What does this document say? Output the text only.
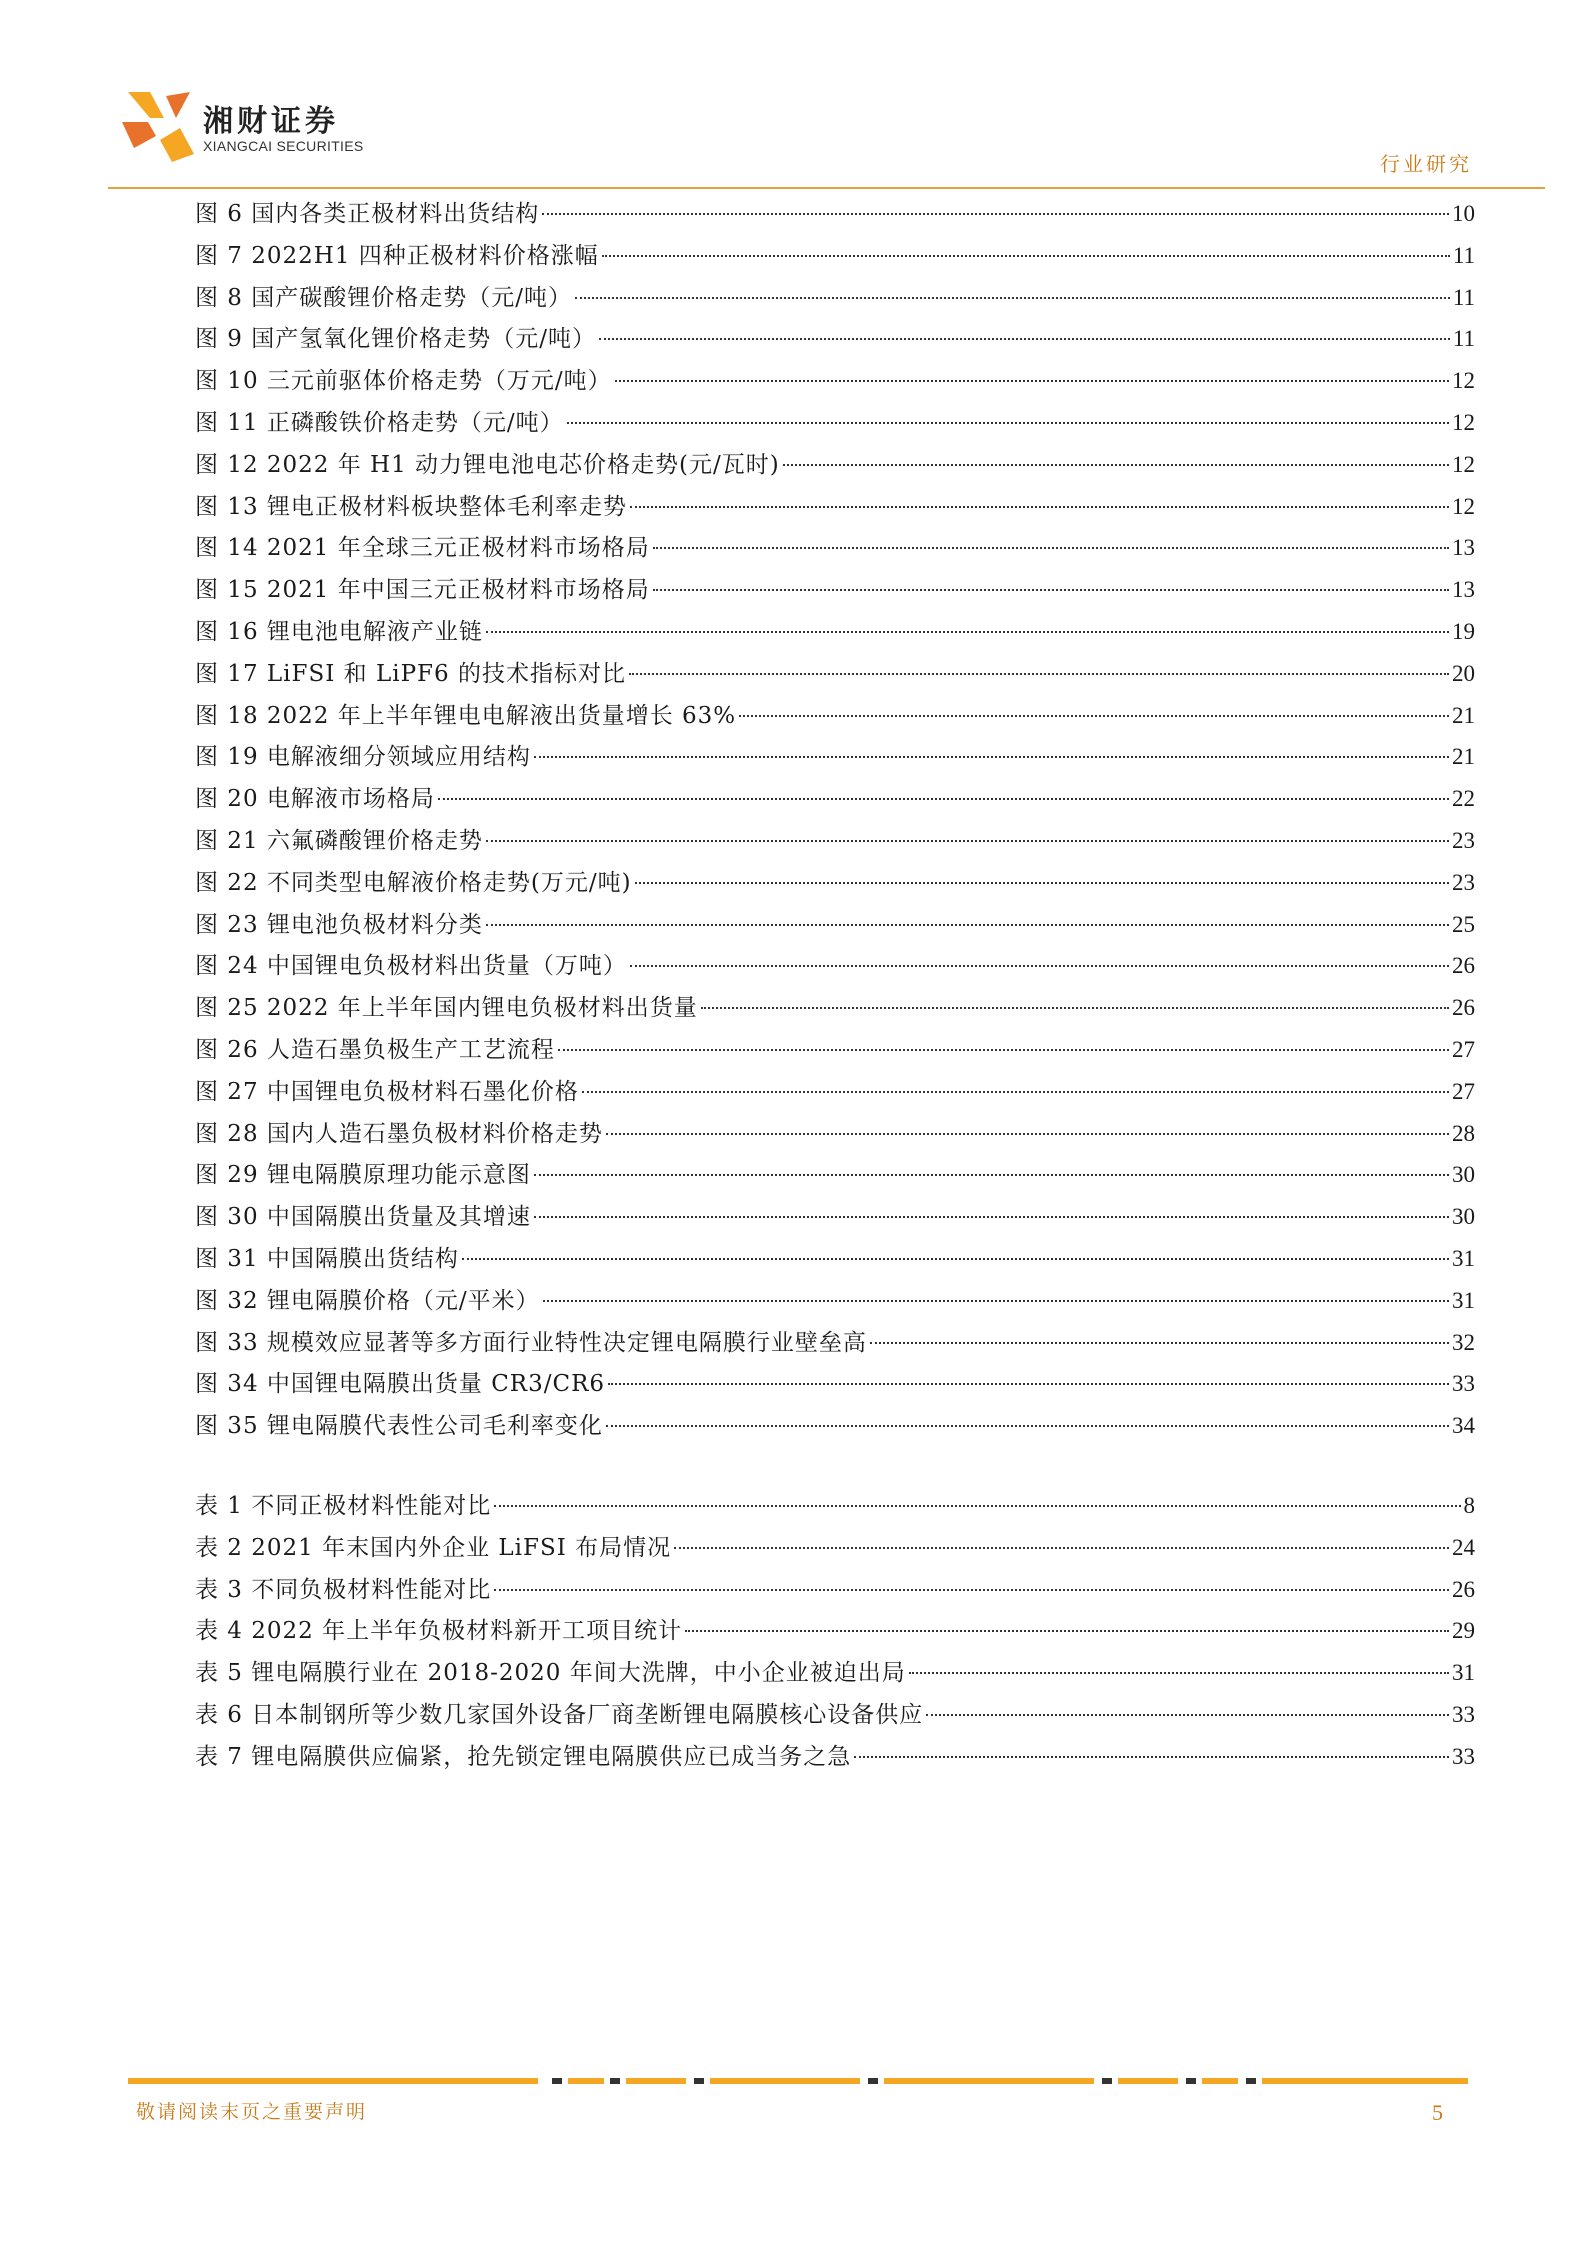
湘财证券
XIANGCAI SECURITIES
行业研究
图 6 国内各类正极材料出货结构	10
图 7 2022H1 四种正极材料价格涨幅	11
图 8 国产碳酸锂价格走势（元/吨）	11
图 9 国产氢氧化锂价格走势（元/吨）	11
图 10 三元前驱体价格走势（万元/吨）	12
图 11 正磷酸铁价格走势（元/吨）	12
图 12 2022 年 H1 动力锂电池电芯价格走势(元/瓦时)	12
图 13 锂电正极材料板块整体毛利率走势	12
图 14 2021 年全球三元正极材料市场格局	13
图 15 2021 年中国三元正极材料市场格局	13
图 16 锂电池电解液产业链	19
图 17 LiFSI 和 LiPF6 的技术指标对比	20
图 18 2022 年上半年锂电电解液出货量增长 63%	21
图 19 电解液细分领域应用结构	21
图 20 电解液市场格局	22
图 21 六氟磷酸锂价格走势	23
图 22 不同类型电解液价格走势(万元/吨)	23
图 23 锂电池负极材料分类	25
图 24 中国锂电负极材料出货量（万吨）	26
图 25 2022 年上半年国内锂电负极材料出货量	26
图 26 人造石墨负极生产工艺流程	27
图 27 中国锂电负极材料石墨化价格	27
图 28 国内人造石墨负极材料价格走势	28
图 29 锂电隔膜原理功能示意图	30
图 30 中国隔膜出货量及其增速	30
图 31 中国隔膜出货结构	31
图 32 锂电隔膜价格（元/平米）	31
图 33 规模效应显著等多方面行业特性决定锂电隔膜行业壁垒高	32
图 34 中国锂电隔膜出货量 CR3/CR6	33
图 35 锂电隔膜代表性公司毛利率变化	34
表 1 不同正极材料性能对比	8
表 2 2021 年末国内外企业 LiFSI 布局情况	24
表 3 不同负极材料性能对比	26
表 4 2022 年上半年负极材料新开工项目统计	29
表 5 锂电隔膜行业在 2018-2020 年间大洗牌，中小企业被迫出局	31
表 6 日本制钢所等少数几家国外设备厂商垄断锂电隔膜核心设备供应	33
表 7 锂电隔膜供应偏紧，抢先锁定锂电隔膜供应已成当务之急	33
敬请阅读末页之重要声明	5
